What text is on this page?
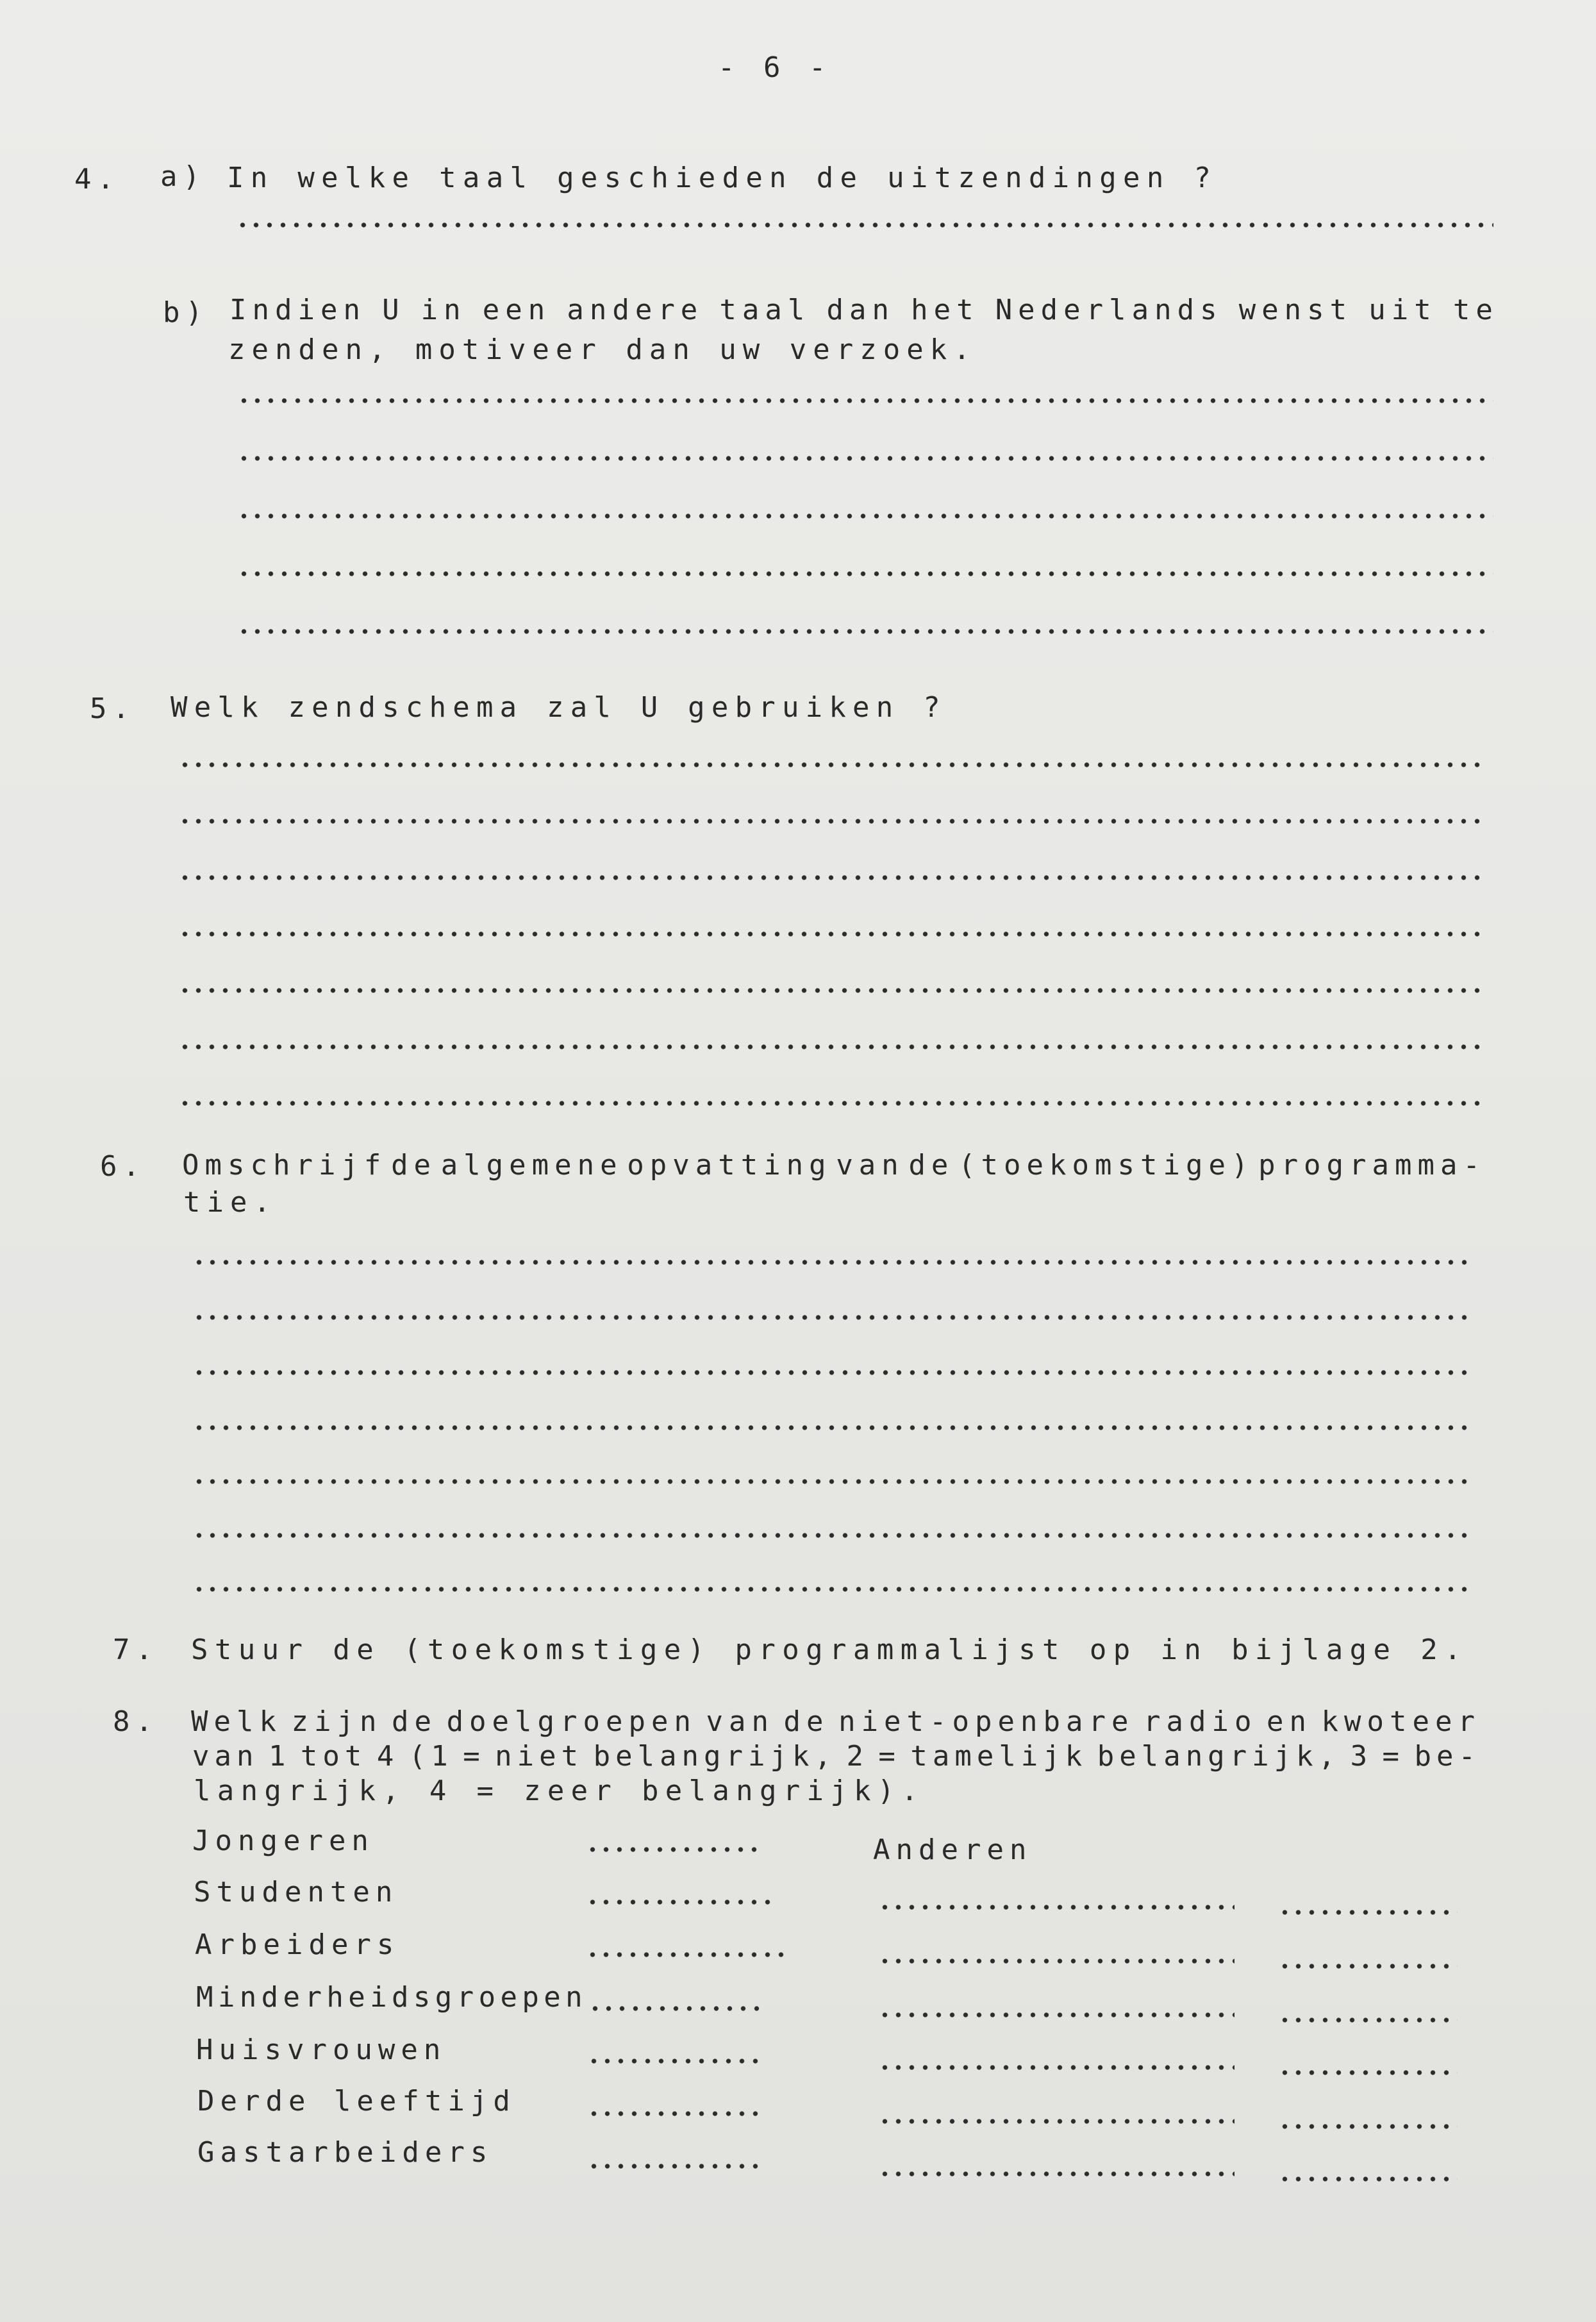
- 6 -
4. a) In welke taal geschieden de uitzendingen ?
b) Indien U in een andere taal dan het Nederlands wenst uit te
zenden, motiveer dan uw verzoek.
5. Welk zendschema zal U gebruiken ?
6. Omschrijf de algemene opvatting van de (toekomstige) programma-
tie.
7. Stuur de (toekomstige) programmalijst op in bijlage 2.
8. Welk zijn de doelgroepen van de niet-openbare radio en kwoteer
van 1 tot 4 (1 = niet belangrijk, 2 = tamelijk belangrijk, 3 = be-
langrijk, 4 = zeer belangrijk).
Jongeren
Studenten
Arbeiders
Minderheidsgroepen
Huisvrouwen
Derde leeftijd
Gastarbeiders
Anderen
